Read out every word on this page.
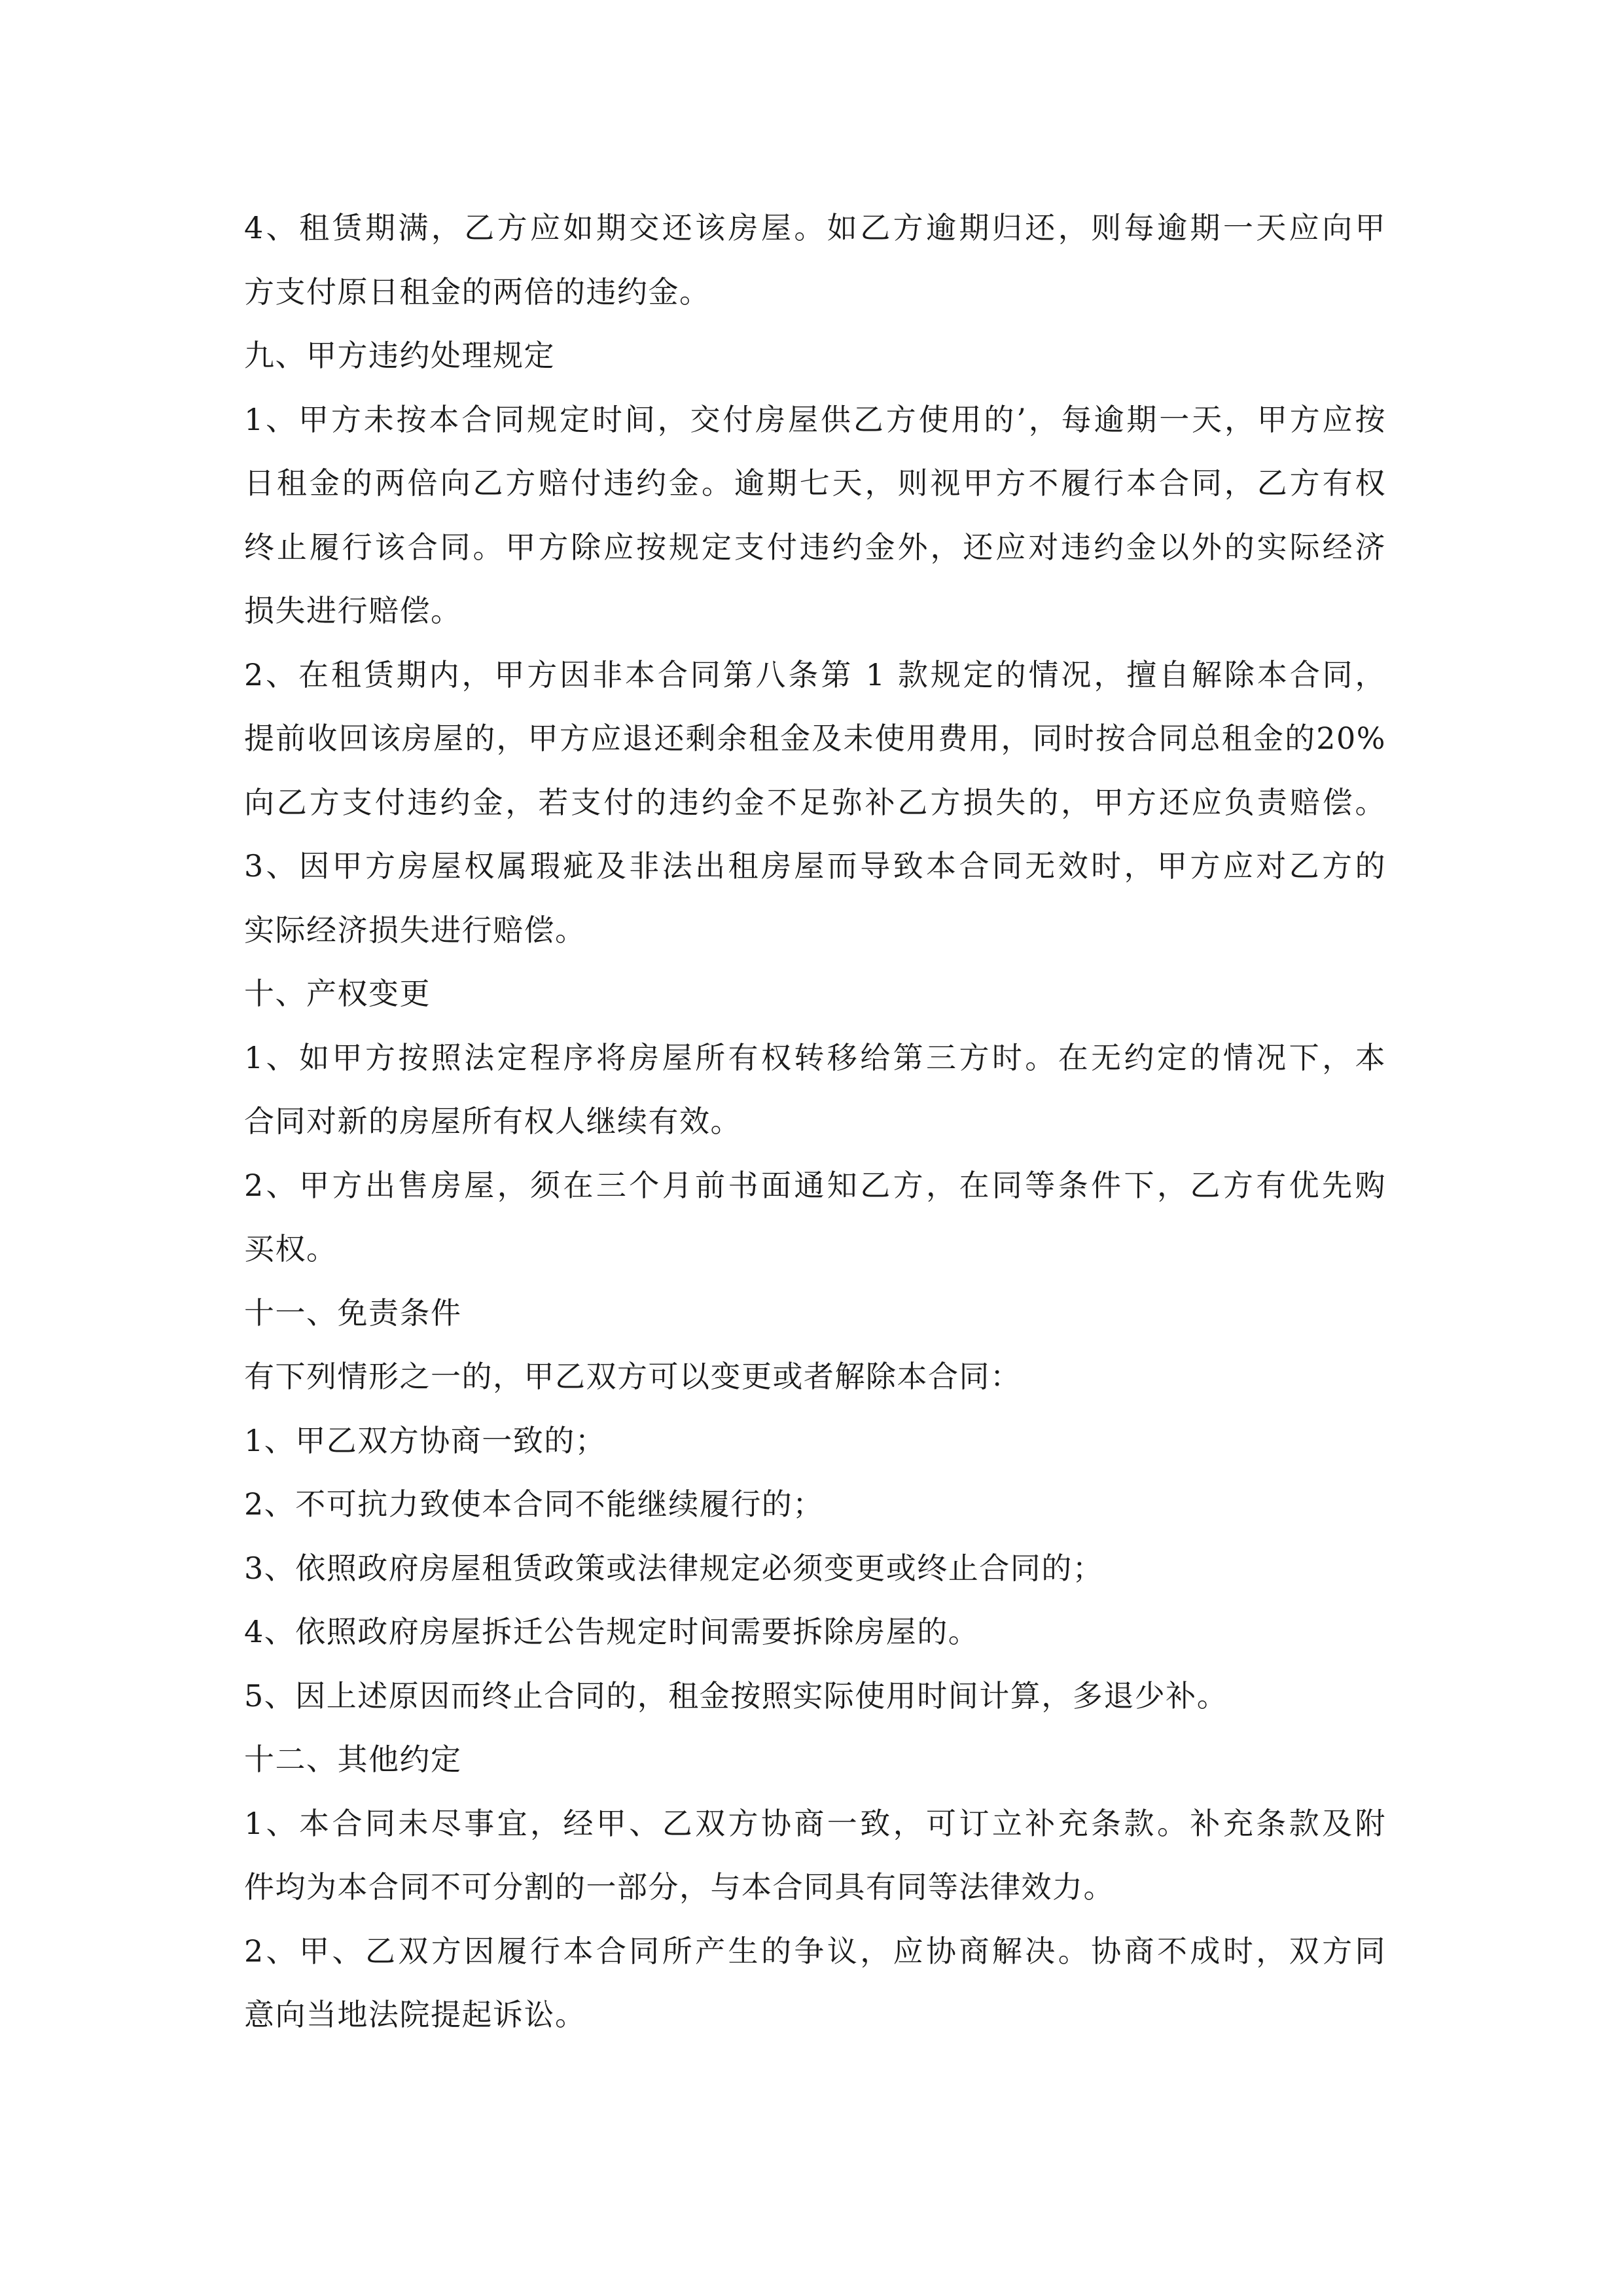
4、租赁期满，乙方应如期交还该房屋。如乙方逾期归还，则每逾期一天应向甲
方支付原日租金的两倍的违约金。
九、甲方违约处理规定
1、甲方未按本合同规定时间，交付房屋供乙方使用的’，每逾期一天，甲方应按
日租金的两倍向乙方赔付违约金。逾期七天，则视甲方不履行本合同，乙方有权
终止履行该合同。甲方除应按规定支付违约金外，还应对违约金以外的实际经济
损失进行赔偿。
2、在租赁期内，甲方因非本合同第八条第 1 款规定的情况，擅自解除本合同，
提前收回该房屋的，甲方应退还剩余租金及未使用费用，同时按合同总租金的20%
向乙方支付违约金，若支付的违约金不足弥补乙方损失的，甲方还应负责赔偿。
3、因甲方房屋权属瑕疵及非法出租房屋而导致本合同无效时，甲方应对乙方的
实际经济损失进行赔偿。
十、产权变更
1、如甲方按照法定程序将房屋所有权转移给第三方时。在无约定的情况下，本
合同对新的房屋所有权人继续有效。
2、甲方出售房屋，须在三个月前书面通知乙方，在同等条件下，乙方有优先购
买权。
十一、免责条件
有下列情形之一的，甲乙双方可以变更或者解除本合同：
1、甲乙双方协商一致的；
2、不可抗力致使本合同不能继续履行的；
3、依照政府房屋租赁政策或法律规定必须变更或终止合同的；
4、依照政府房屋拆迁公告规定时间需要拆除房屋的。
5、因上述原因而终止合同的，租金按照实际使用时间计算，多退少补。
十二、其他约定
1、本合同未尽事宜，经甲、乙双方协商一致，可订立补充条款。补充条款及附
件均为本合同不可分割的一部分，与本合同具有同等法律效力。
2、甲、乙双方因履行本合同所产生的争议，应协商解决。协商不成时，双方同
意向当地法院提起诉讼。
